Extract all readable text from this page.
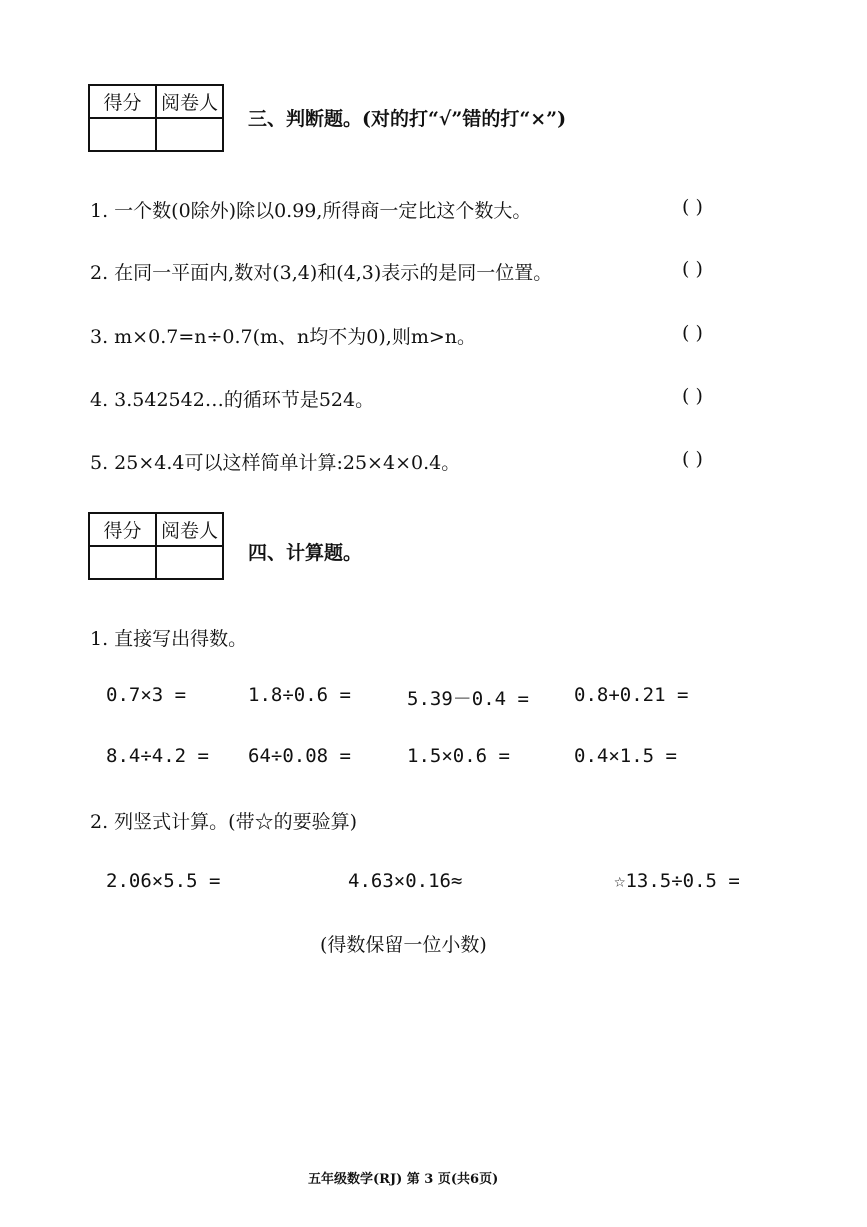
得分	阅卷人

三、判断题。(对的打“√”错的打“×”)
1. 一个数(0除外)除以0.99,所得商一定比这个数大。	( )
2. 在同一平面内,数对(3,4)和(4,3)表示的是同一位置。	( )
3. m×0.7=n÷0.7(m、n均不为0),则m>n。	( )
4. 3.542542…的循环节是524。	( )
5. 25×4.4可以这样简单计算:25×4×0.4。	( )
得分	阅卷人

四、计算题。
1. 直接写出得数。
0.7×3 =	1.8÷0.6 =	5.39－0.4 = 0.8+0.21 =
8.4÷4.2 = 64÷0.08 =	1.5×0.6 =	0.4×1.5 =
2. 列竖式计算。(带☆的要验算)
2.06×5.5 =	4.63×0.16≈	☆13.5÷0.5 =
(得数保留一位小数)
五年级数学(RJ) 第 3 页(共6页)
